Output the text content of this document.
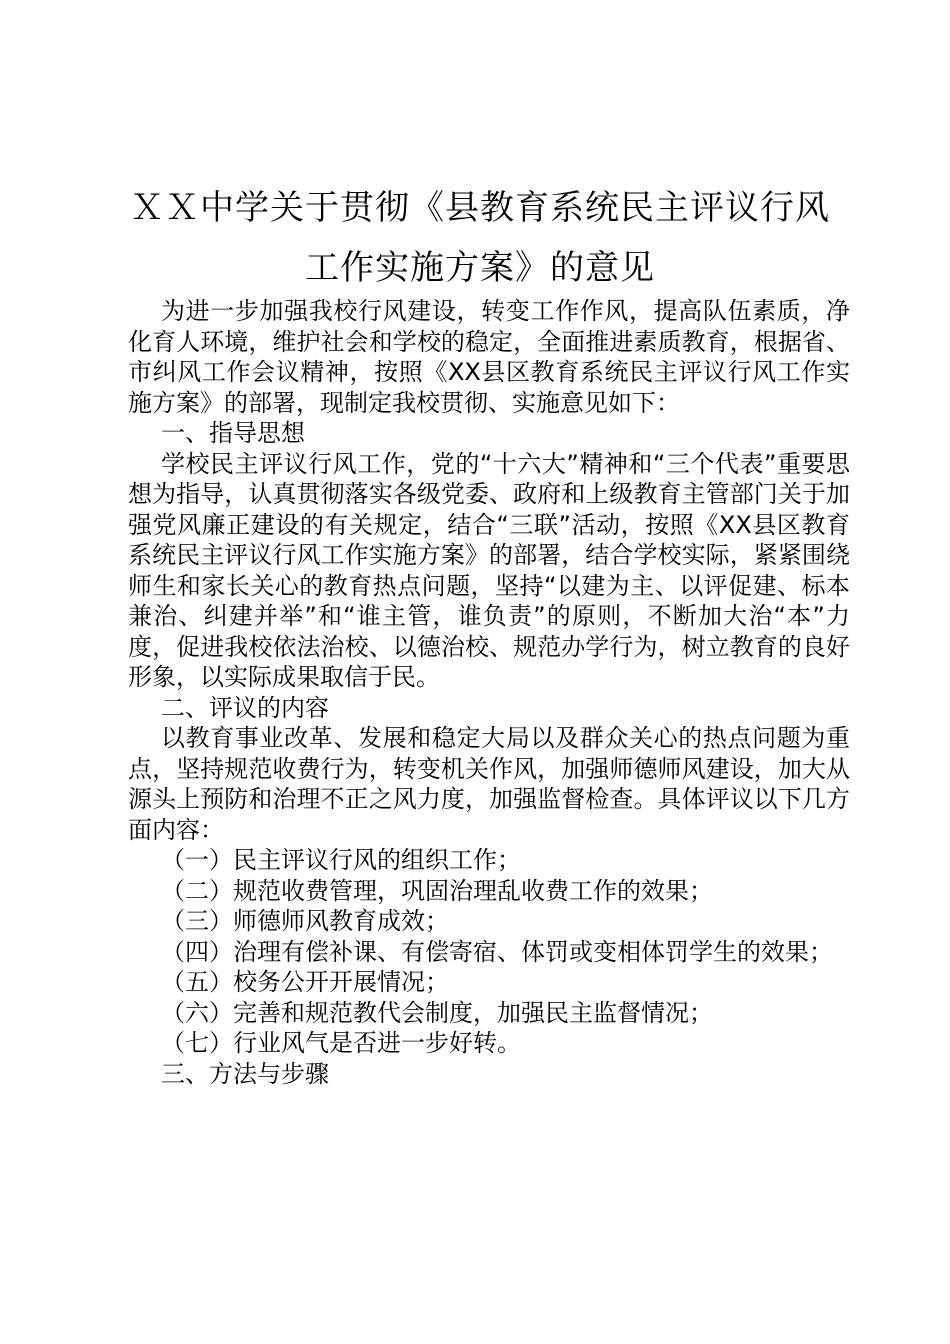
ＸＸ中学关于贯彻《县教育系统民主评议行风
工作实施方案》的意见

为进一步加强我校行风建设，转变工作作风，提高队伍素质，净化育人环境，维护社会和学校的稳定，全面推进素质教育，根据省、市纠风工作会议精神，按照《XX县区教育系统民主评议行风工作实施方案》的部署，现制定我校贯彻、实施意见如下：

一、指导思想

学校民主评议行风工作，党的“十六大”精神和“三个代表”重要思想为指导，认真贯彻落实各级党委、政府和上级教育主管部门关于加强党风廉正建设的有关规定，结合“三联”活动，按照《XX县区教育系统民主评议行风工作实施方案》的部署，结合学校实际，紧紧围绕师生和家长关心的教育热点问题，坚持“以建为主、以评促建、标本兼治、纠建并举”和“谁主管，谁负责”的原则，不断加大治“本”力度，促进我校依法治校、以德治校、规范办学行为，树立教育的良好形象，以实际成果取信于民。

二、评议的内容

以教育事业改革、发展和稳定大局以及群众关心的热点问题为重点，坚持规范收费行为，转变机关作风，加强师德师风建设，加大从源头上预防和治理不正之风力度，加强监督检查。具体评议以下几方面内容：

（一）民主评议行风的组织工作；

（二）规范收费管理，巩固治理乱收费工作的效果；

（三）师德师风教育成效；

（四）治理有偿补课、有偿寄宿、体罚或变相体罚学生的效果；

（五）校务公开开展情况；

（六）完善和规范教代会制度，加强民主监督情况；

（七）行业风气是否进一步好转。

三、方法与步骤
